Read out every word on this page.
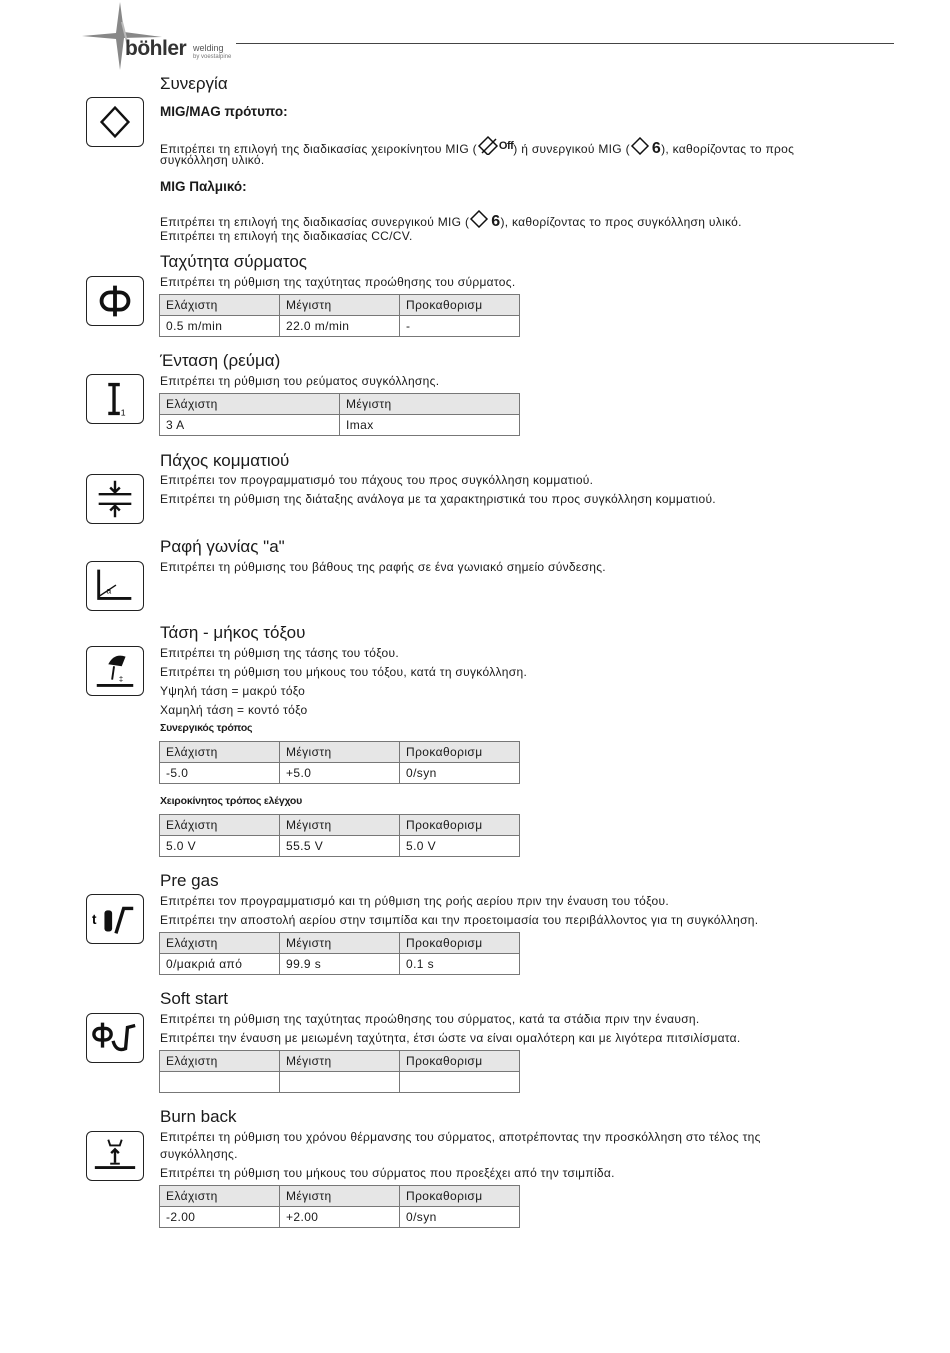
böhler welding
by voestalpine
Συνεργία
MIG/MAG πρότυπο:
Επιτρέπει τη επιλογή της διαδικασίας χειροκίνητου MIG ( Off) ή συνεργικού MIG ( 6), καθορίζοντας το προς
συγκόλληση υλικό.
MIG Παλμικό:
Επιτρέπει τη επιλογή της διαδικασίας συνεργικού MIG ( 6), καθορίζοντας το προς συγκόλληση υλικό.
Επιτρέπει τη επιλογή της διαδικασίας CC/CV.
Ταχύτητα σύρματος
Επιτρέπει τη ρύθμιση της ταχύτητας προώθησης του σύρματος.
Ελάχιστη	Μέγιστη	Προκαθορισμ
0.5 m/min	22.0 m/min	-
1
Ένταση (ρεύμα)
Επιτρέπει τη ρύθμιση του ρεύματος συγκόλλησης.
Ελάχιστη	Μέγιστη
3 A	Imax
Πάχος κομματιού
Επιτρέπει τον προγραμματισμό του πάχους του προς συγκόλληση κομματιού.
Επιτρέπει τη ρύθμιση της διάταξης ανάλογα με τα χαρακτηριστικά του προς συγκόλληση κομματιού.
a
Ραφή γωνίας "a"
Επιτρέπει τη ρύθμισης του βάθους της ραφής σε ένα γωνιακό σημείο σύνδεσης.
‡
Τάση - μήκος τόξου
Επιτρέπει τη ρύθμιση της τάσης του τόξου.
Επιτρέπει τη ρύθμιση του μήκους του τόξου, κατά τη συγκόλληση.
Υψηλή τάση = μακρύ τόξο
Χαμηλή τάση = κοντό τόξο
Συνεργικός τρόπος
Ελάχιστη	Μέγιστη	Προκαθορισμ
-5.0	+5.0	0/syn
Χειροκίνητος τρόπος ελέγχου
Ελάχιστη	Μέγιστη	Προκαθορισμ
5.0 V	55.5 V	5.0 V
t
Pre gas
Επιτρέπει τον προγραμματισμό και τη ρύθμιση της ροής αερίου πριν την έναυση του τόξου.
Επιτρέπει την αποστολή αερίου στην τσιμπίδα και την προετοιμασία του περιβάλλοντος για τη συγκόλληση.
Ελάχιστη	Μέγιστη	Προκαθορισμ
0/μακριά από	99.9 s	0.1 s
Soft start
Επιτρέπει τη ρύθμιση της ταχύτητας προώθησης του σύρματος, κατά τα στάδια πριν την έναυση.
Επιτρέπει την έναυση με μειωμένη ταχύτητα, έτσι ώστε να είναι ομαλότερη και με λιγότερα πιτσιλίσματα.
Ελάχιστη	Μέγιστη	Προκαθορισμ

Burn back
Επιτρέπει τη ρύθμιση του χρόνου θέρμανσης του σύρματος, αποτρέποντας την προσκόλληση στο τέλος της
συγκόλλησης.
Επιτρέπει τη ρύθμιση του μήκους του σύρματος που προεξέχει από την τσιμπίδα.
Ελάχιστη	Μέγιστη	Προκαθορισμ
-2.00	+2.00	0/syn
